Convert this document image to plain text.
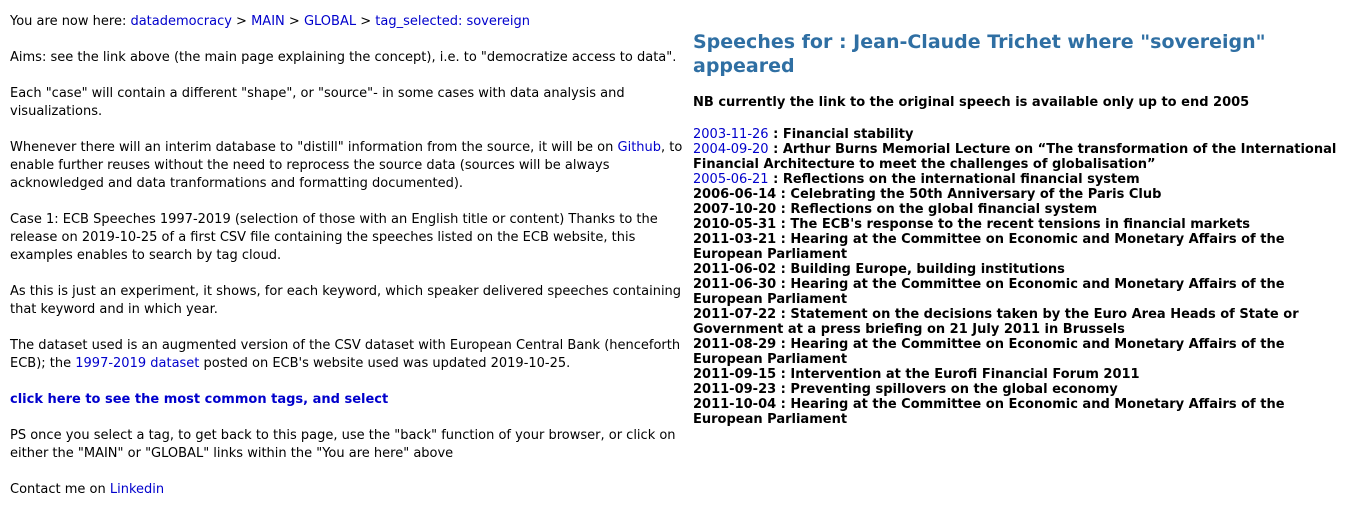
You are now here: datademocracy > MAIN > GLOBAL > tag_selected: sovereign

Aims: see the link above (the main page explaining the concept), i.e. to "democratize access to data".

Each "case" will contain a different "shape", or "source"- in some cases with data analysis and visualizations.

Whenever there will an interim database to "distill" information from the source, it will be on Github, to enable further reuses without the need to reprocess the source data (sources will be always acknowledged and data tranformations and formatting documented).

Case 1: ECB Speeches 1997-2019 (selection of those with an English title or content) Thanks to the release on 2019-10-25 of a first CSV file containing the speeches listed on the ECB website, this examples enables to search by tag cloud.

As this is just an experiment, it shows, for each keyword, which speaker delivered speeches containing that keyword and in which year.

The dataset used is an augmented version of the CSV dataset with European Central Bank (henceforth ECB); the 1997-2019 dataset posted on ECB's website used was updated 2019-10-25.

click here to see the most common tags, and select

PS once you select a tag, to get back to this page, use the "back" function of your browser, or click on either the "MAIN" or "GLOBAL" links within the "You are here" above

Contact me on Linkedin

Speeches for : Jean-Claude Trichet where "sovereign" appeared

NB currently the link to the original speech is available only up to end 2005

2003-11-26 : Financial stability
2004-09-20 : Arthur Burns Memorial Lecture on “The transformation of the International Financial Architecture to meet the challenges of globalisation”
2005-06-21 : Reflections on the international financial system
2006-06-14 : Celebrating the 50th Anniversary of the Paris Club
2007-10-20 : Reflections on the global financial system
2010-05-31 : The ECB's response to the recent tensions in financial markets
2011-03-21 : Hearing at the Committee on Economic and Monetary Affairs of the European Parliament
2011-06-02 : Building Europe, building institutions
2011-06-30 : Hearing at the Committee on Economic and Monetary Affairs of the European Parliament
2011-07-22 : Statement on the decisions taken by the Euro Area Heads of State or Government at a press briefing on 21 July 2011 in Brussels
2011-08-29 : Hearing at the Committee on Economic and Monetary Affairs of the European Parliament
2011-09-15 : Intervention at the Eurofi Financial Forum 2011
2011-09-23 : Preventing spillovers on the global economy
2011-10-04 : Hearing at the Committee on Economic and Monetary Affairs of the European Parliament
